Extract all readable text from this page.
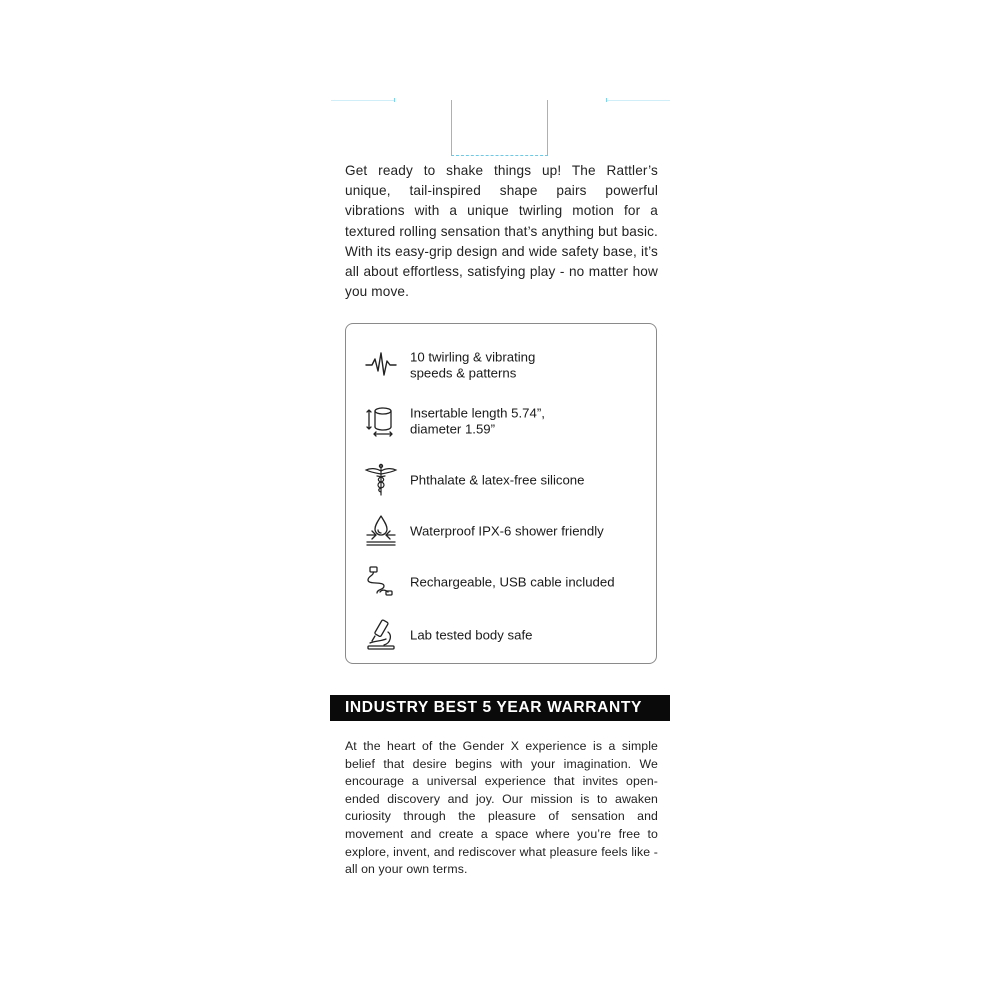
Get ready to shake things up! The Rattler’s unique, tail-inspired shape pairs powerful vibrations with a unique twirling motion for a textured rolling sensation that’s anything but basic. With its easy-grip design and wide safety base, it’s all about effortless, satisfying play - no matter how you move.

10 twirling & vibrating
speeds & patterns
Insertable length 5.74”,
diameter 1.59”
Phthalate & latex-free silicone
Waterproof IPX-6 shower friendly
Rechargeable, USB cable included
Lab tested body safe
INDUSTRY BEST 5 YEAR WARRANTY

At the heart of the Gender X experience is a simple belief that desire begins with your imagination. We encourage a universal experience that invites open-ended discovery and joy. Our mission is to awaken curiosity through the pleasure of sensation and movement and create a space where you’re free to explore, invent, and rediscover what pleasure feels like - all on your own terms.
